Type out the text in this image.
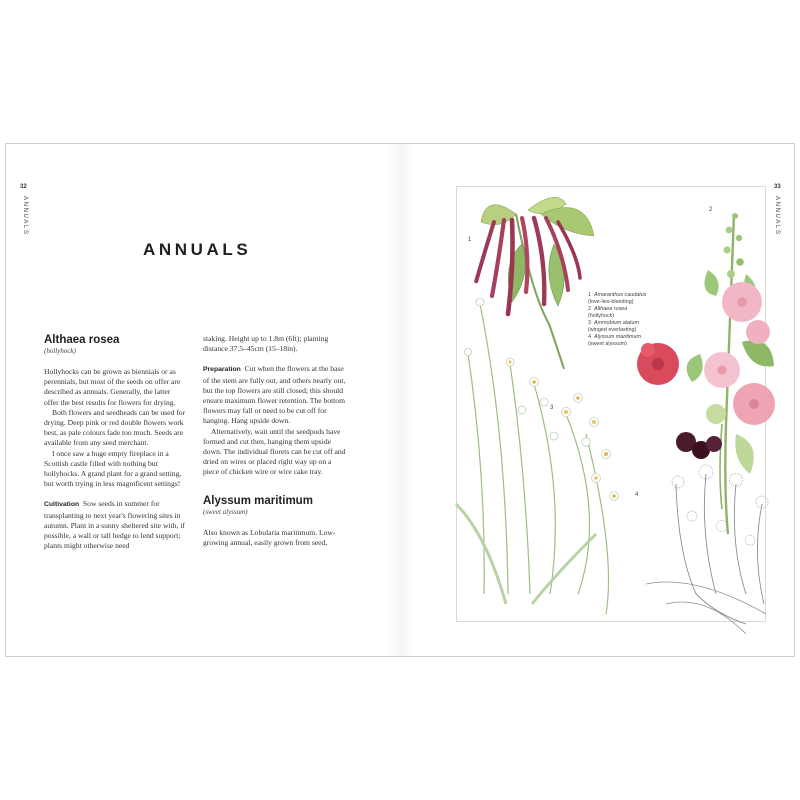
32
ANNUALS
ANNUALS

Althaea rosea

(hollyhock)

Hollyhocks can be grown as biennials or as perennials, but most of the seeds on offer are described as annuals. Generally, the latter offer the best results for flowers for drying.

Both flowers and seedheads can be used for drying. Deep pink or red double flowers work best, as pale colours fade too much. Seeds are available from any seed merchant.

I once saw a huge empty fireplace in a Scottish castle filled with nothing but hollyhocks. A grand plant for a grand setting, but worth trying in less magnificent settings!

Cultivation Sow seeds in summer for transplanting to next year's flowering sites in autumn. Plant in a sunny sheltered site with, if possible, a wall or tall hedge to lend support; plants might otherwise need

staking. Height up to 1.8m (6ft); planting distance 37.5–45cm (15–18in).

Preparation Cut when the flowers at the base of the stem are fully out, and others nearly out, but the top flowers are still closed; this should ensure maximum flower retention. The bottom flowers may fall or need to be cut off for hanging. Hang upside down.

Alternatively, wait until the seedpods have formed and cut then, hanging them upside down. The individual florets can be cut off and dried on wires or placed right way up on a piece of chicken wire or wire cake tray.

Alyssum maritimum

(sweet alyssum)

Also known as Lobularia maritimum. Low-growing annual, easily grown from seed,

33
ANNUALS
1 Amaranthus caudatus
(love-lies-bleeding)
2 Althaea rosea
(hollyhock)
3 Ammobium alatum
(winged everlasting)
4 Alyssum maritimum
(sweet alyssum)
1
2
3
4
